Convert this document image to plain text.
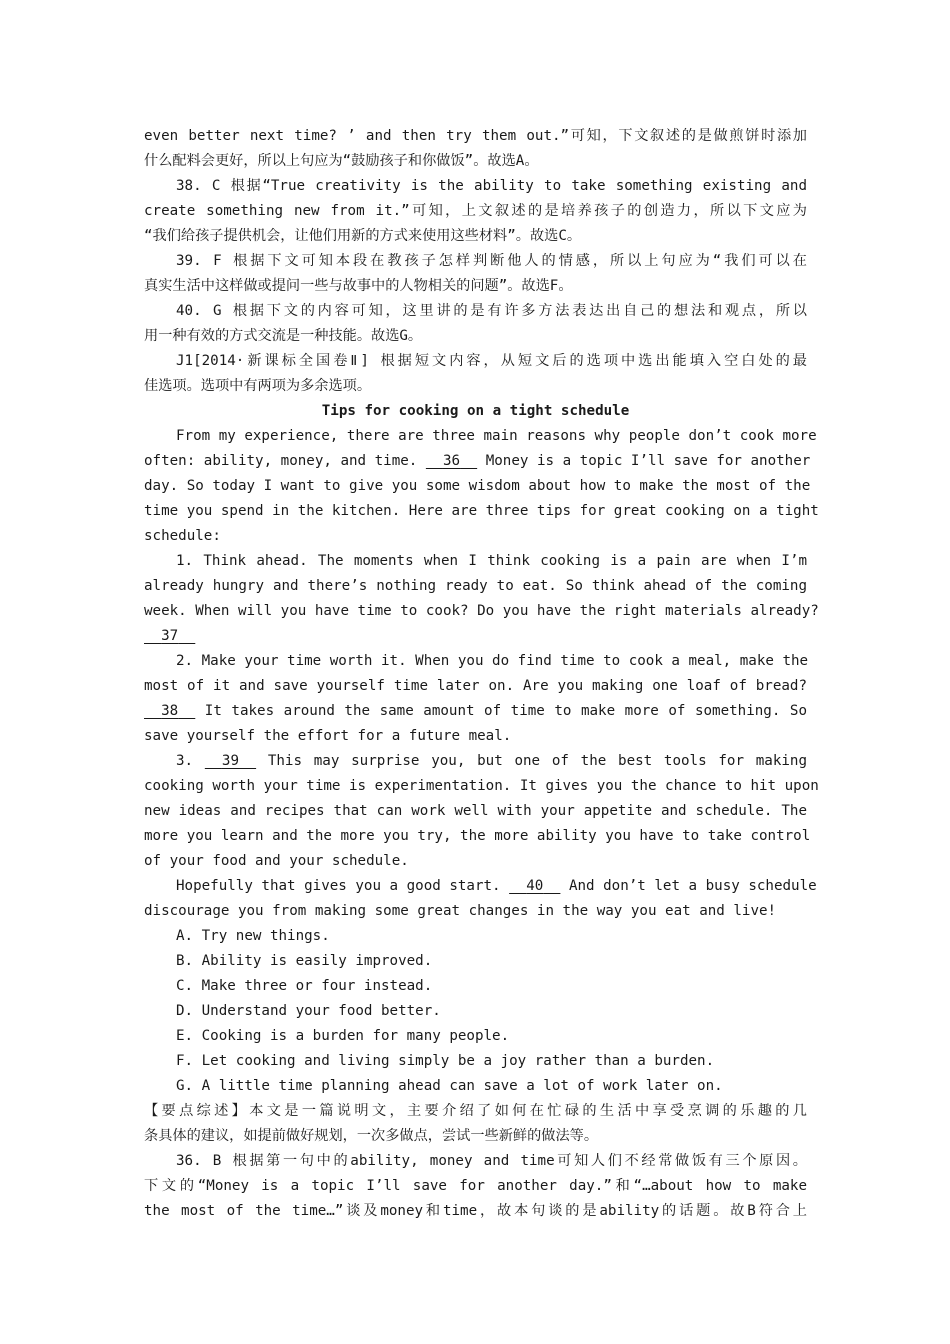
even better next time? ’ and then try them out.”可知，下文叙述的是做煎饼时添加
什么配料会更好，所以上句应为“鼓励孩子和你做饭”。故选A。
38. C 根据“True creativity is the ability to take something existing and
create something new from it.”可知，上文叙述的是培养孩子的创造力，所以下文应为
“我们给孩子提供机会，让他们用新的方式来使用这些材料”。故选C。
39. F 根据下文可知本段在教孩子怎样判断他人的情感，所以上句应为“我们可以在
真实生活中这样做或提问一些与故事中的人物相关的问题”。故选F。
40. G 根据下文的内容可知，这里讲的是有许多方法表达出自己的想法和观点，所以
用一种有效的方式交流是一种技能。故选G。
J1[2014·新课标全国卷Ⅱ] 根据短文内容，从短文后的选项中选出能填入空白处的最
佳选项。选项中有两项为多余选项。
Tips for cooking on a tight schedule
From my experience, there are three main reasons why people don’t cook more
often: ability, money, and time.   36   Money is a topic I’ll save for another
day. So today I want to give you some wisdom about how to make the most of the
time you spend in the kitchen. Here are three tips for great cooking on a tight
schedule:
1. Think ahead. The moments when I think cooking is a pain are when I’m
already hungry and there’s nothing ready to eat. So think ahead of the coming
week. When will you have time to cook? Do you have the right materials already?
37
2. Make your time worth it. When you do find time to cook a meal, make the
most of it and save yourself time later on. Are you making one loaf of bread?
38   It takes around the same amount of time to make more of something. So
save yourself the effort for a future meal.
3.   39   This may surprise you, but one of the best tools for making
cooking worth your time is experimentation. It gives you the chance to hit upon
new ideas and recipes that can work well with your appetite and schedule. The
more you learn and the more you try, the more ability you have to take control
of your food and your schedule.
Hopefully that gives you a good start.   40   And don’t let a busy schedule
discourage you from making some great changes in the way you eat and live!
A. Try new things.
B. Ability is easily improved.
C. Make three or four instead.
D. Understand your food better.
E. Cooking is a burden for many people.
F. Let cooking and living simply be a joy rather than a burden.
G. A little time planning ahead can save a lot of work later on.
【要点综述】本文是一篇说明文，主要介绍了如何在忙碌的生活中享受烹调的乐趣的几
条具体的建议，如提前做好规划，一次多做点，尝试一些新鲜的做法等。
36. B 根据第一句中的ability, money and time可知人们不经常做饭有三个原因。
下文的“Money is a topic I’ll save for another day.”和“…about how to make
the most of the time…”谈及money和time，故本句谈的是ability的话题。故B符合上
